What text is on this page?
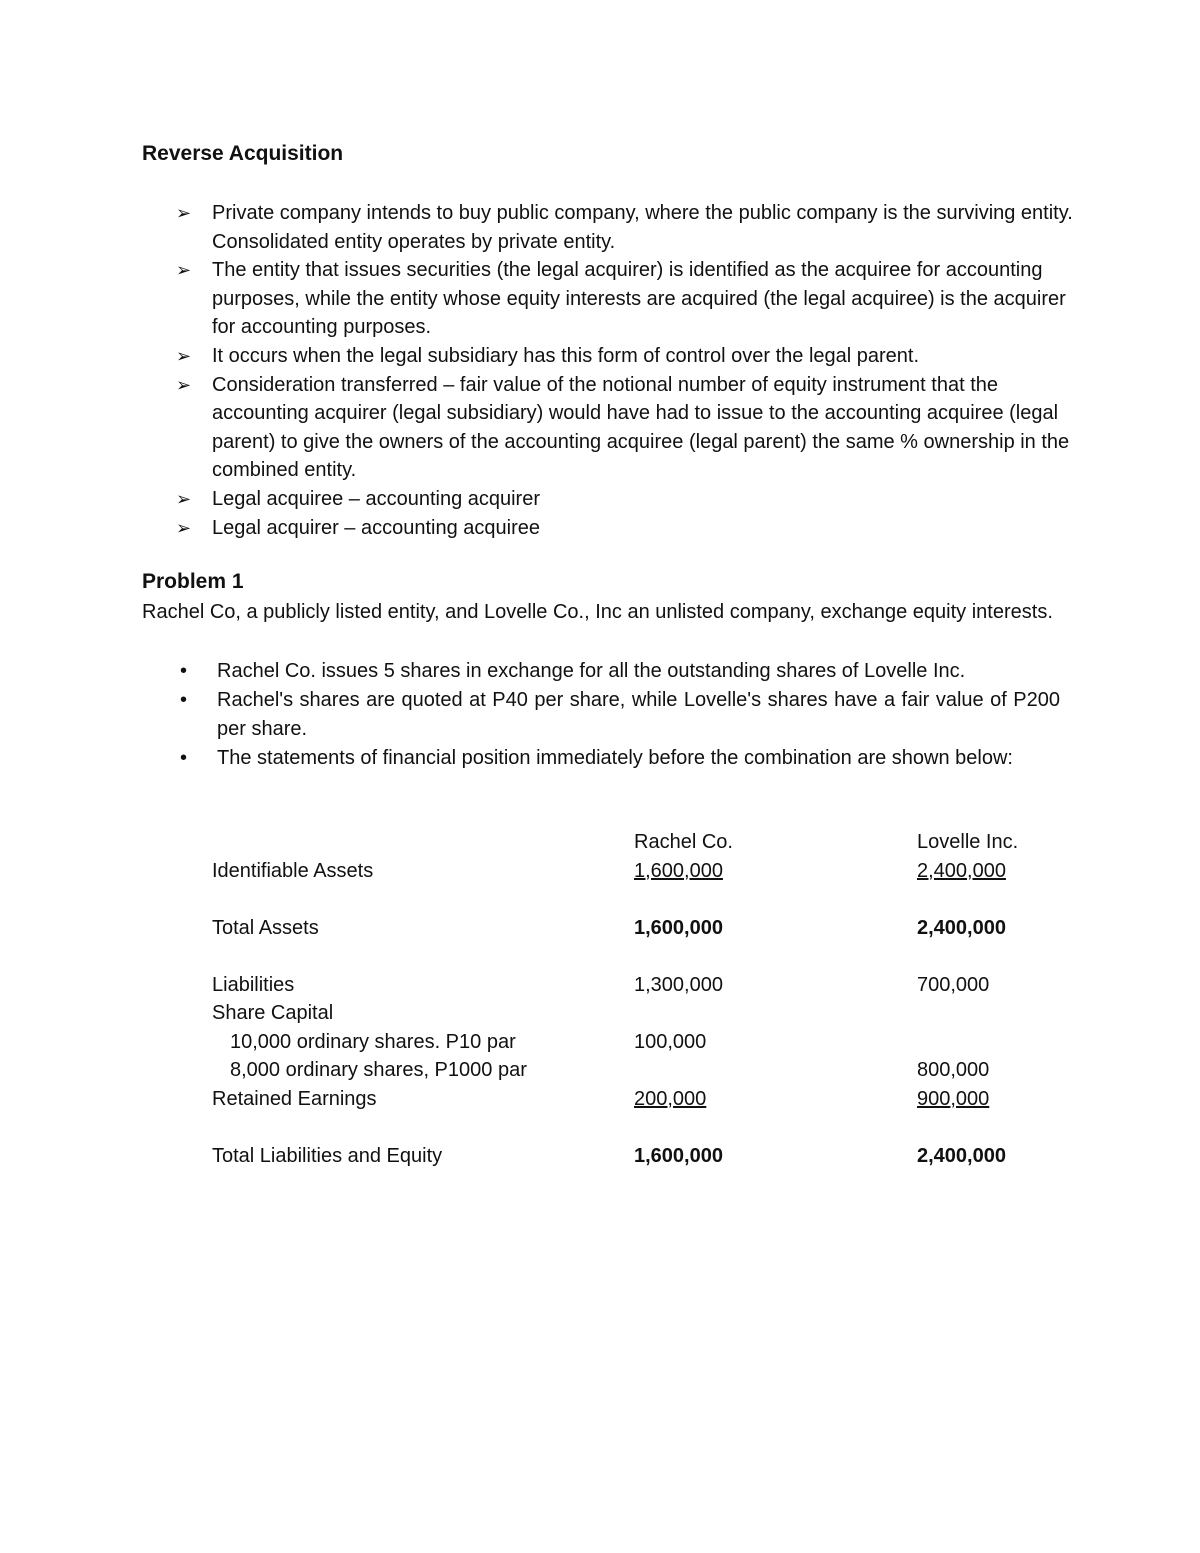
Reverse Acquisition
➢ Private company intends to buy public company, where the public company is the surviving entity. Consolidated entity operates by private entity.
➢ The entity that issues securities (the legal acquirer) is identified as the acquiree for accounting purposes, while the entity whose equity interests are acquired (the legal acquiree) is the acquirer for accounting purposes.
➢ It occurs when the legal subsidiary has this form of control over the legal parent.
➢ Consideration transferred – fair value of the notional number of equity instrument that the accounting acquirer (legal subsidiary) would have had to issue to the accounting acquiree (legal parent) to give the owners of the accounting acquiree (legal parent) the same % ownership in the combined entity.
➢ Legal acquiree – accounting acquirer
➢ Legal acquirer – accounting acquiree
Problem 1
Rachel Co, a publicly listed entity, and Lovelle Co., Inc an unlisted company, exchange equity interests.
• Rachel Co. issues 5 shares in exchange for all the outstanding shares of Lovelle Inc.
• Rachel's shares are quoted at P40 per share, while Lovelle's shares have a fair value of P200 per share.
• The statements of financial position immediately before the combination are shown below:
	Rachel Co.	Lovelle Inc.
Identifiable Assets	1,600,000	2,400,000

Total Assets	1,600,000	2,400,000

Liabilities	1,300,000	700,000
Share Capital		
10,000 ordinary shares. P10 par	100,000	
8,000 ordinary shares, P1000 par		800,000
Retained Earnings	200,000	900,000

Total Liabilities and Equity	1,600,000	2,400,000
